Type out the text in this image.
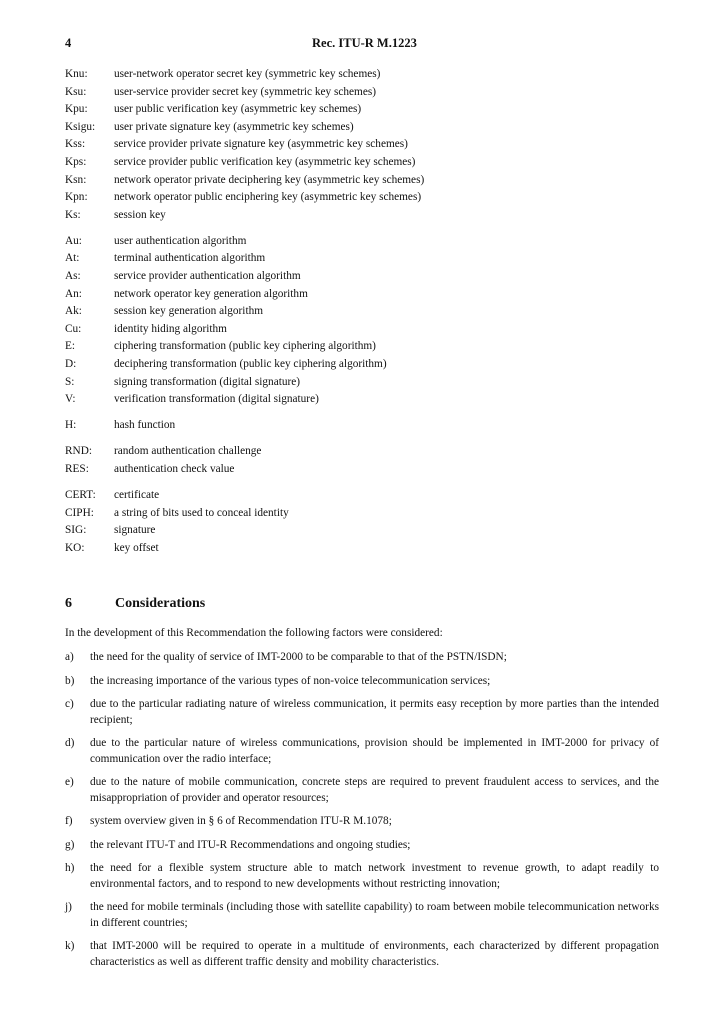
4	Rec. ITU-R M.1223
Knu: user-network operator secret key (symmetric key schemes)
Ksu: user-service provider secret key (symmetric key schemes)
Kpu: user public verification key (asymmetric key schemes)
Ksigu: user private signature key (asymmetric key schemes)
Kss:	service provider private signature key (asymmetric key schemes)
Kps: service provider public verification key (asymmetric key schemes)
Ksn: network operator private deciphering key (asymmetric key schemes)
Kpn: network operator public enciphering key (asymmetric key schemes)
Ks:	session key
Au:	user authentication algorithm
At:	terminal authentication algorithm
As:	service provider authentication algorithm
An:	network operator key generation algorithm
Ak:	session key generation algorithm
Cu:	identity hiding algorithm
E:	ciphering transformation (public key ciphering algorithm)
D:	deciphering transformation (public key ciphering algorithm)
S:	signing transformation (digital signature)
V:	verification transformation (digital signature)
H:	hash function
RND: random authentication challenge
RES: authentication check value
CERT: certificate
CIPH: a string of bits used to conceal identity
SIG: signature
KO:	key offset
6	Considerations
In the development of this Recommendation the following factors were considered:
a) the need for the quality of service of IMT-2000 to be comparable to that of the PSTN/ISDN;
b) the increasing importance of the various types of non-voice telecommunication services;
c) due to the particular radiating nature of wireless communication, it permits easy reception by more parties than the intended recipient;
d) due to the particular nature of wireless communications, provision should be implemented in IMT-2000 for privacy of communication over the radio interface;
e) due to the nature of mobile communication, concrete steps are required to prevent fraudulent access to services, and the misappropriation of provider and operator resources;
f) system overview given in § 6 of Recommendation ITU-R M.1078;
g) the relevant ITU-T and ITU-R Recommendations and ongoing studies;
h) the need for a flexible system structure able to match network investment to revenue growth, to adapt readily to environmental factors, and to respond to new developments without restricting innovation;
j) the need for mobile terminals (including those with satellite capability) to roam between mobile telecommunication networks in different countries;
k) that IMT-2000 will be required to operate in a multitude of environments, each characterized by different propagation characteristics as well as different traffic density and mobility characteristics.
